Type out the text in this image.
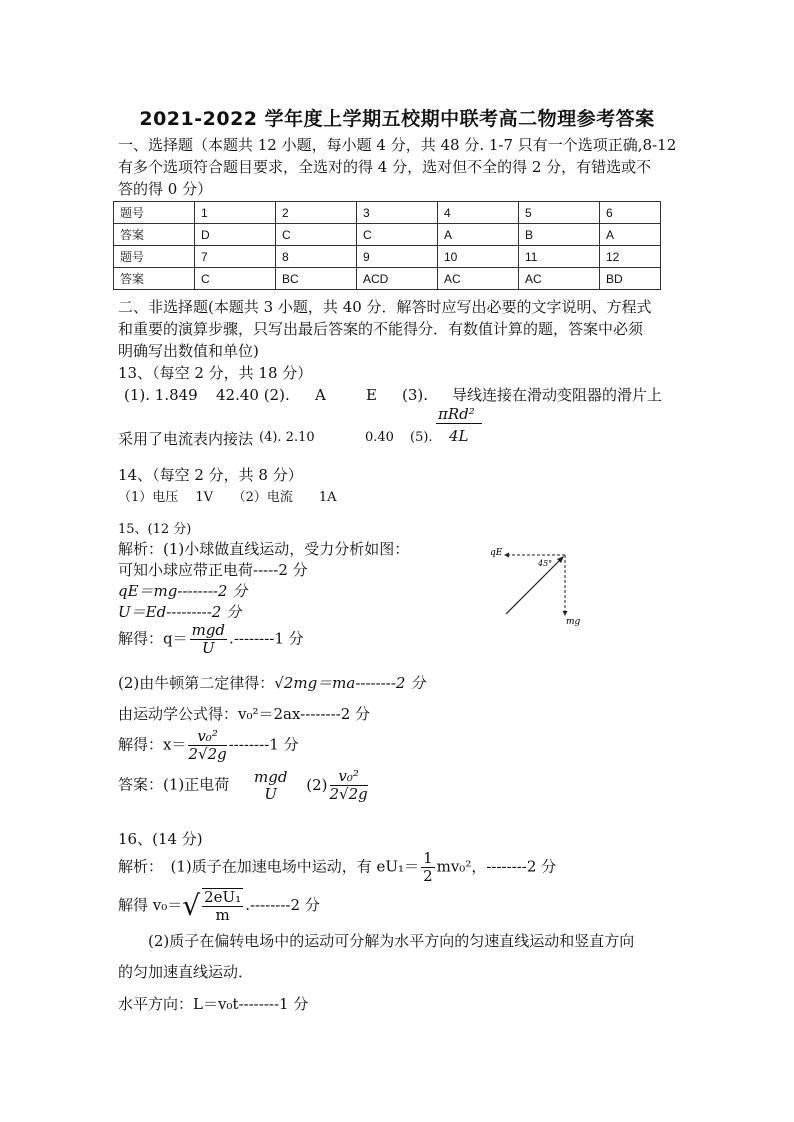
2021-2022 学年度上学期五校期中联考高二物理参考答案
一、选择题（本题共 12 小题，每小题 4 分，共 48 分. 1-7 只有一个选项正确,8-12
有多个选项符合题目要求，全选对的得 4 分，选对但不全的得 2 分，有错选或不
答的得 0 分）
题号	1	2	3	4	5	6
答案	D	C	C	A	B	A
题号	7	8	9	10	11	12
答案	C	BC	ACD	AC	AC	BD
二、非选择题(本题共 3 小题，共 40 分．解答时应写出必要的文字说明、方程式
和重要的演算步骤，只写出最后答案的不能得分．有数值计算的题，答案中必须
明确写出数值和单位)
13、（每空 2 分，共 18 分）
(1). 1.849 42.40 (2). A	E (3). 导线连接在滑动变阻器的滑片上
πRd²
4L
采用了电流表内接法 (4). 2.10	0.40 (5).
14、（每空 2 分，共 8 分）
（1）电压　 1V　　（2）电流　　1A
15、(12 分)
解析：(1)小球做直线运动，受力分析如图：
可知小球应带正电荷-----2 分
qE＝mg--------2 分
U＝Ed---------2 分
解得：$q= \frac{\text{mgd}}{U} .--------1$ 分
(2)由牛顿第二定律得：√2mg＝ma--------2 分
由运动学公式得：v₀²＝2ax--------2 分
解得：$x= \frac{\text{v₀²}}{2√2g} --------1$ 分
答案：(1)正电荷 mgd
U	$(2) \frac{\text{v₀²}}{2√2g}$
qE
45°
mg
16、(14 分)
解析：　(1)质子在加速电场中运动，有 $eU_1= \frac{1}{2} mv_0^2$，--------2 分
解得 $v_0=√ \frac{\text{2eU₁}}{m} .--------2$ 分
(2)质子在偏转电场中的运动可分解为水平方向的匀速直线运动和竖直方向
的匀加速直线运动．
水平方向：L＝v₀t--------1 分
